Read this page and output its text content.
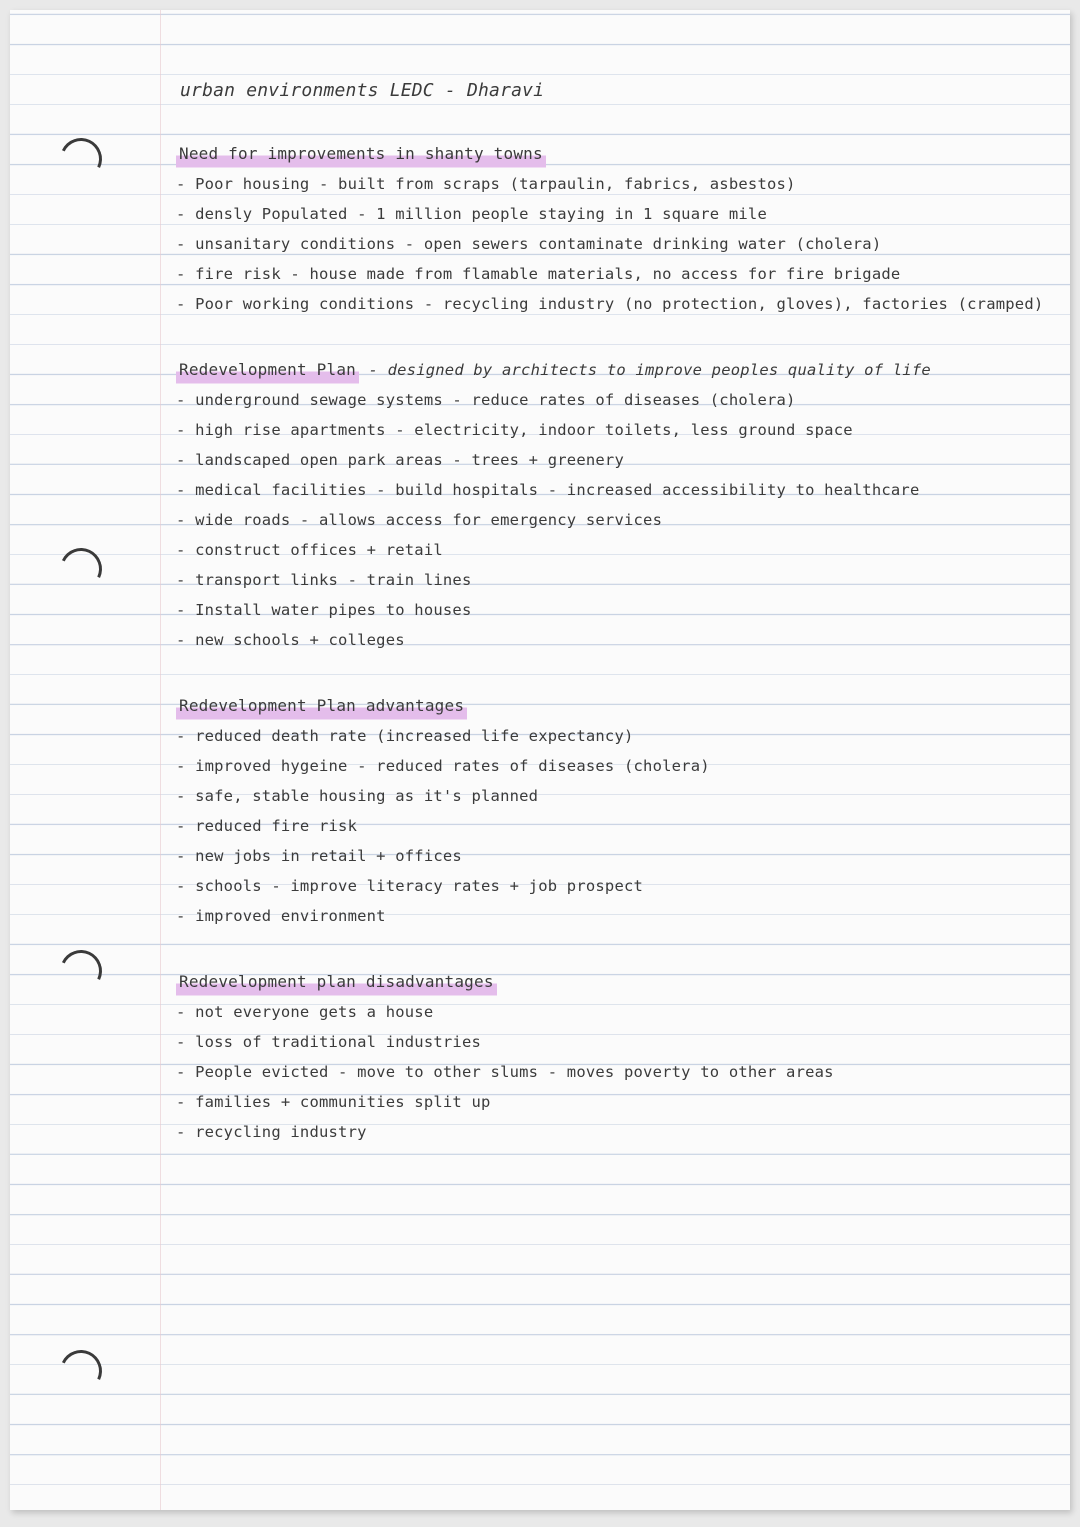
urban environments LEDC - Dharavi
Need for improvements in shanty towns
- Poor housing - built from scraps (tarpaulin, fabrics, asbestos)
- densly Populated - 1 million people staying in 1 square mile
- unsanitary conditions - open sewers contaminate drinking water (cholera)
- fire risk - house made from flamable materials, no access for fire brigade
- Poor working conditions - recycling industry (no protection, gloves), factories (cramped)
Redevelopment Plan - designed by architects to improve peoples quality of life
- underground sewage systems - reduce rates of diseases (cholera)
- high rise apartments - electricity, indoor toilets, less ground space
- landscaped open park areas - trees + greenery
- medical facilities - build hospitals - increased accessibility to healthcare
- wide roads - allows access for emergency services
- construct offices + retail
- transport links - train lines
- Install water pipes to houses
- new schools + colleges
Redevelopment Plan advantages
- reduced death rate (increased life expectancy)
- improved hygeine - reduced rates of diseases (cholera)
- safe, stable housing as it's planned
- reduced fire risk
- new jobs in retail + offices
- schools - improve literacy rates + job prospect
- improved environment
Redevelopment plan disadvantages
- not everyone gets a house
- loss of traditional industries
- People evicted - move to other slums - moves poverty to other areas
- families + communities split up
- recycling industry
